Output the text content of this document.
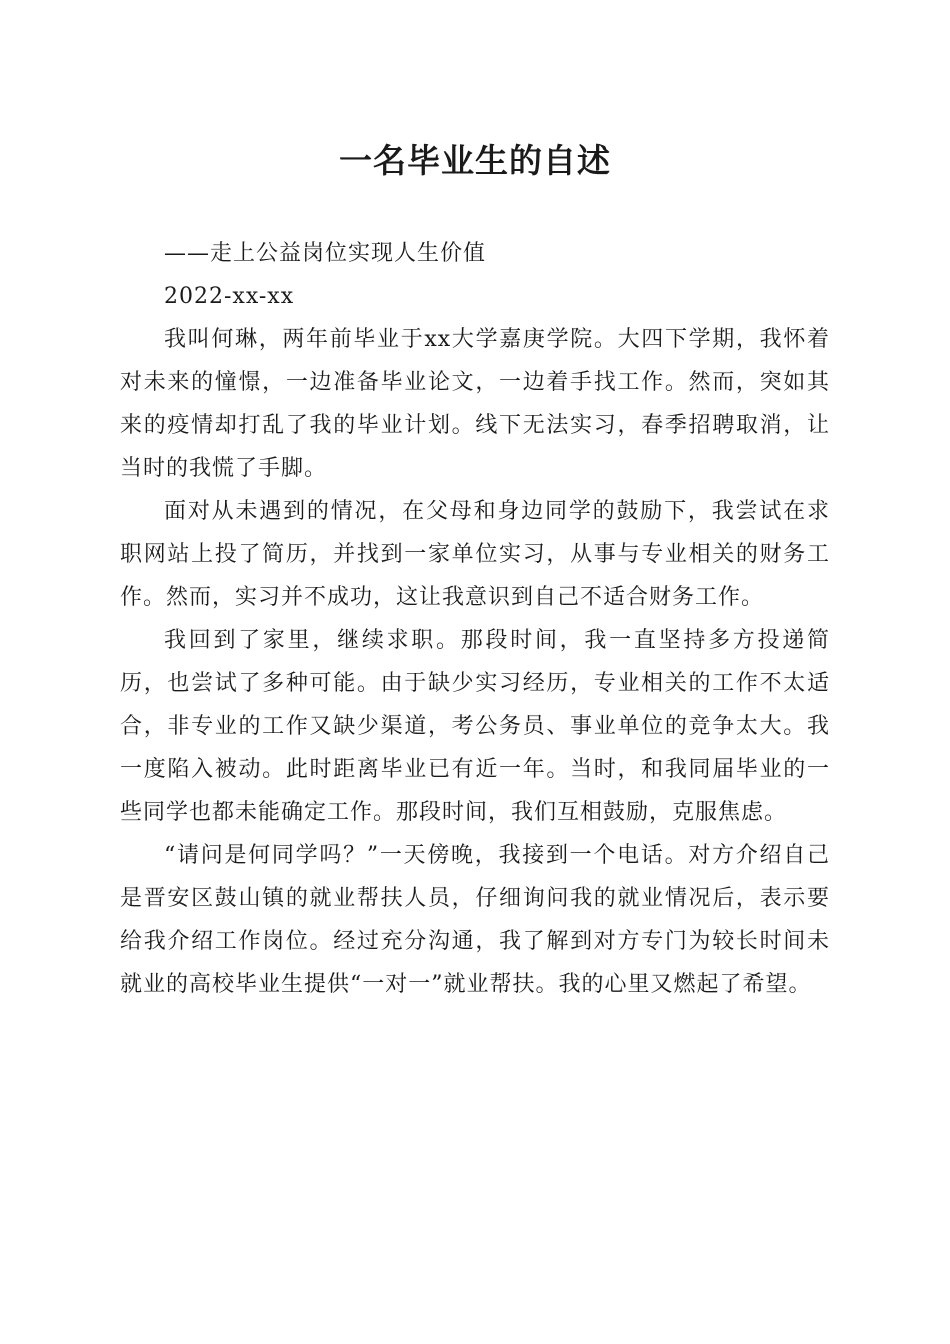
一名毕业生的自述

——走上公益岗位实现人生价值

2022-xx-xx

我叫何琳，两年前毕业于xx大学嘉庚学院。大四下学期，我怀着对未来的憧憬，一边准备毕业论文，一边着手找工作。然而，突如其来的疫情却打乱了我的毕业计划。线下无法实习，春季招聘取消，让当时的我慌了手脚。

面对从未遇到的情况，在父母和身边同学的鼓励下，我尝试在求职网站上投了简历，并找到一家单位实习，从事与专业相关的财务工作。然而，实习并不成功，这让我意识到自己不适合财务工作。

我回到了家里，继续求职。那段时间，我一直坚持多方投递简历，也尝试了多种可能。由于缺少实习经历，专业相关的工作不太适合，非专业的工作又缺少渠道，考公务员、事业单位的竞争太大。我一度陷入被动。此时距离毕业已有近一年。当时，和我同届毕业的一些同学也都未能确定工作。那段时间，我们互相鼓励，克服焦虑。

“请问是何同学吗？”一天傍晚，我接到一个电话。对方介绍自己是晋安区鼓山镇的就业帮扶人员，仔细询问我的就业情况后，表示要给我介绍工作岗位。经过充分沟通，我了解到对方专门为较长时间未就业的高校毕业生提供“一对一”就业帮扶。我的心里又燃起了希望。
